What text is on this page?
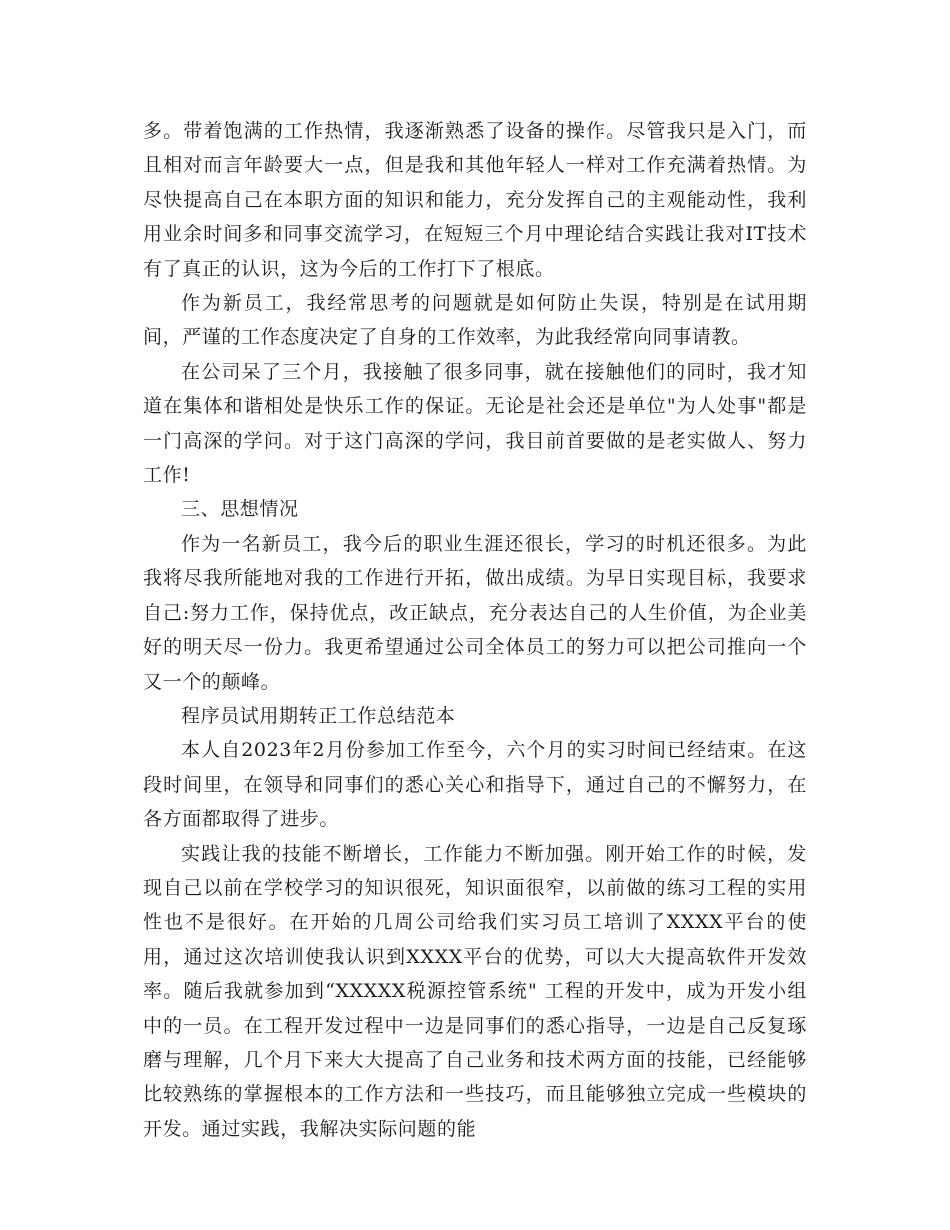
多。带着饱满的工作热情，我逐渐熟悉了设备的操作。尽管我只是入门，而且相对而言年龄要大一点，但是我和其他年轻人一样对工作充满着热情。为尽快提高自己在本职方面的知识和能力，充分发挥自己的主观能动性，我利用业余时间多和同事交流学习，在短短三个月中理论结合实践让我对IT技术有了真正的认识，这为今后的工作打下了根底。

作为新员工，我经常思考的问题就是如何防止失误，特别是在试用期间，严谨的工作态度决定了自身的工作效率，为此我经常向同事请教。

在公司呆了三个月，我接触了很多同事，就在接触他们的同时，我才知道在集体和谐相处是快乐工作的保证。无论是社会还是单位"为人处事"都是一门高深的学问。对于这门高深的学问，我目前首要做的是老实做人、努力工作!

三、思想情况

作为一名新员工，我今后的职业生涯还很长，学习的时机还很多。为此我将尽我所能地对我的工作进行开拓，做出成绩。为早日实现目标，我要求自己:努力工作，保持优点，改正缺点，充分表达自己的人生价值，为企业美好的明天尽一份力。我更希望通过公司全体员工的努力可以把公司推向一个又一个的颠峰。

程序员试用期转正工作总结范本

本人自2023年2月份参加工作至今，六个月的实习时间已经结束。在这段时间里，在领导和同事们的悉心关心和指导下，通过自己的不懈努力，在各方面都取得了进步。

实践让我的技能不断增长，工作能力不断加强。刚开始工作的时候，发现自己以前在学校学习的知识很死，知识面很窄，以前做的练习工程的实用性也不是很好。在开始的几周公司给我们实习员工培训了XXXX平台的使用，通过这次培训使我认识到XXXX平台的优势，可以大大提高软件开发效率。随后我就参加到“XXXXX税源控管系统" 工程的开发中，成为开发小组中的一员。在工程开发过程中一边是同事们的悉心指导，一边是自己反复琢磨与理解，几个月下来大大提高了自己业务和技术两方面的技能，已经能够比较熟练的掌握根本的工作方法和一些技巧，而且能够独立完成一些模块的开发。通过实践，我解决实际问题的能
